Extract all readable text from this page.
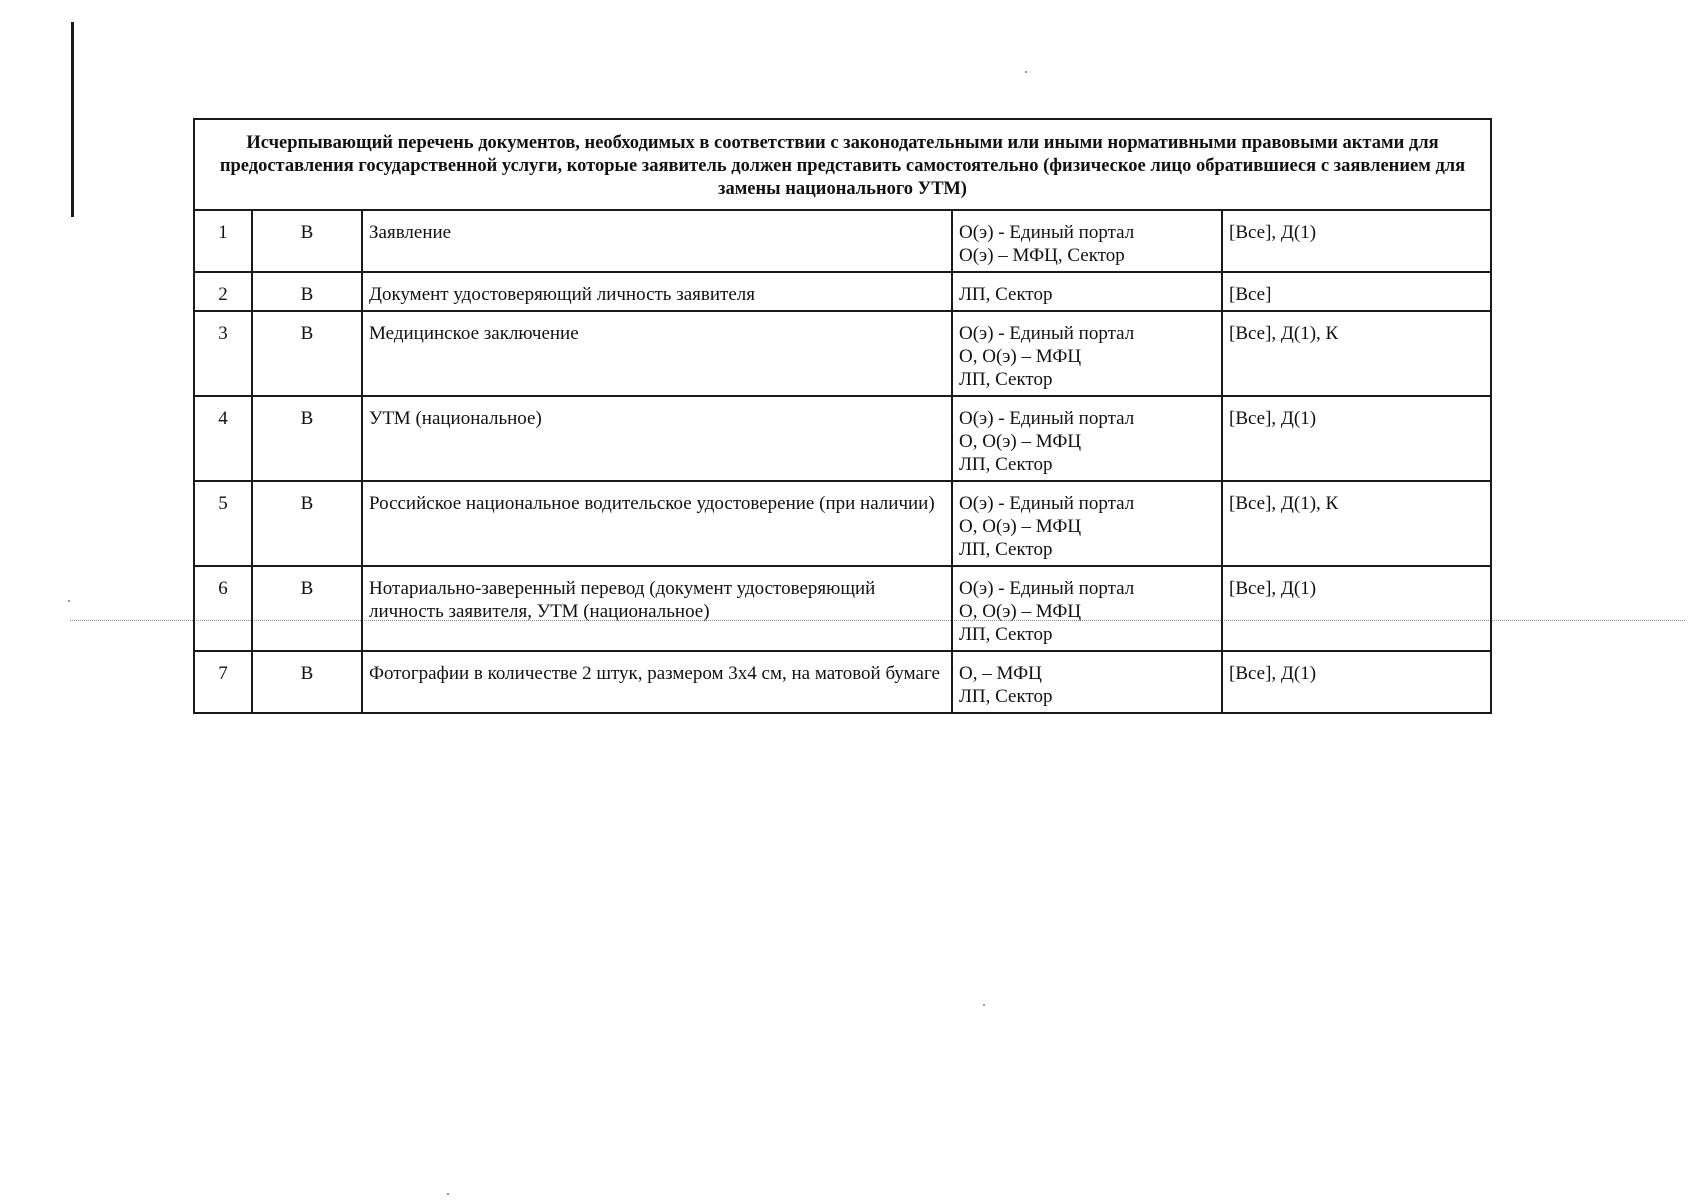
Исчерпывающий перечень документов, необходимых в соответствии с законодательными или иными нормативными правовыми актами для предоставления государственной услуги, которые заявитель должен представить самостоятельно (физическое лицо обратившиеся с заявлением для замены национального УТМ)				
1	В	Заявление	О(э) - Единый портал
О(э) – МФЦ, Сектор	[Все], Д(1)
2	В	Документ удостоверяющий личность заявителя	ЛП, Сектор	[Все]
3	В	Медицинское заключение	О(э) - Единый портал
О, О(э) – МФЦ
ЛП, Сектор	[Все], Д(1), К
4	В	УТМ (национальное)	О(э) - Единый портал
О, О(э) – МФЦ
ЛП, Сектор	[Все], Д(1)
5	В	Российское национальное водительское удостоверение (при наличии)	О(э) - Единый портал
О, О(э) – МФЦ
ЛП, Сектор	[Все], Д(1), К
6	В	Нотариально-заверенный перевод (документ удостоверяющий личность заявителя, УТМ (национальное)	О(э) - Единый портал
О, О(э) – МФЦ
ЛП, Сектор	[Все], Д(1)
7	В	Фотографии в количестве 2 штук, размером 3х4 см, на матовой бумаге	О, – МФЦ
ЛП, Сектор	[Все], Д(1)
